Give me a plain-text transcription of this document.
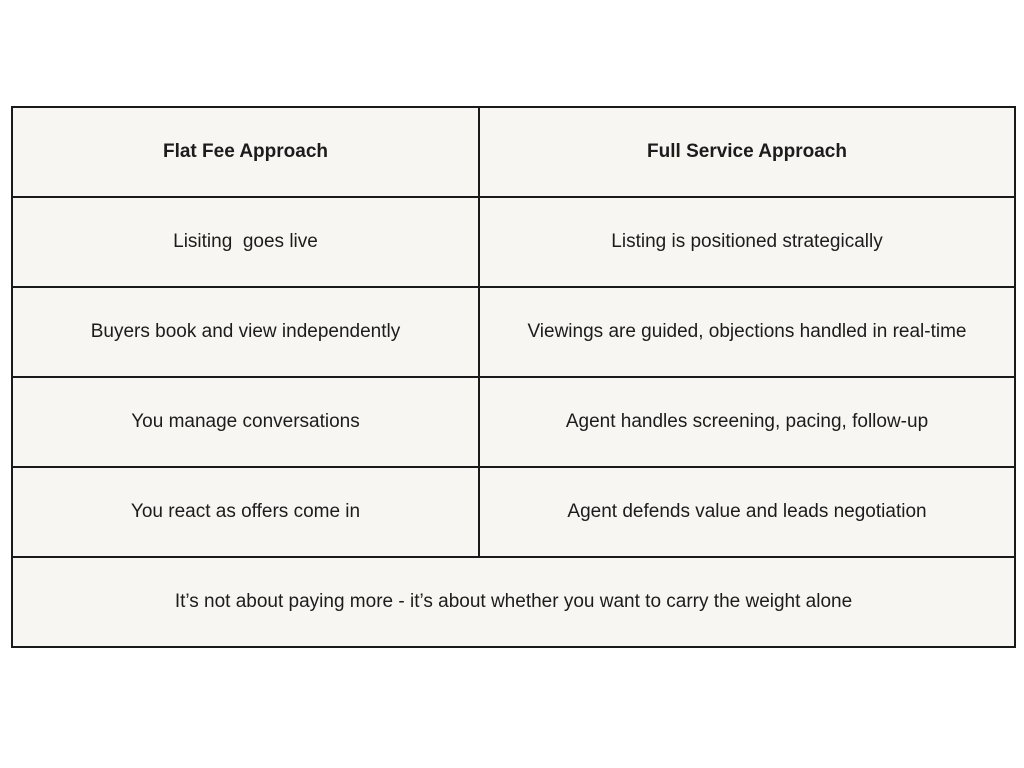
Flat Fee Approach	Full Service Approach
Lisiting  goes live	Listing is positioned strategically
Buyers book and view independently	Viewings are guided, objections handled in real-time
You manage conversations	Agent handles screening, pacing, follow-up
You react as offers come in	Agent defends value and leads negotiation
It’s not about paying more - it’s about whether you want to carry the weight alone	
